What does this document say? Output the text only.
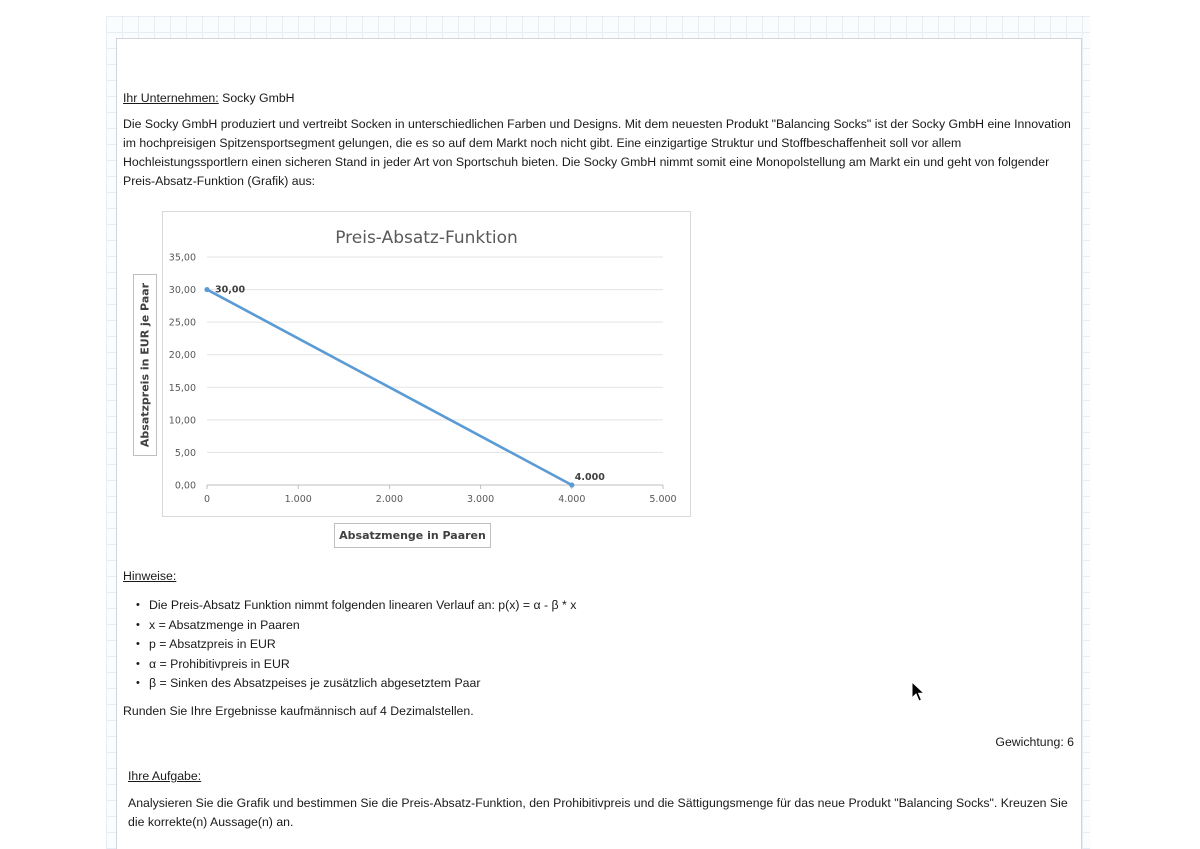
Ihr Unternehmen: Socky GmbH

Die Socky GmbH produziert und vertreibt Socken in unterschiedlichen Farben und Designs. Mit dem neuesten Produkt "Balancing Socks" ist der Socky GmbH eine Innovation im hochpreisigen Spitzensportsegment gelungen, die es so auf dem Markt noch nicht gibt. Eine einzigartige Struktur und Stoffbeschaffenheit soll vor allem Hochleistungssportlern einen sicheren Stand in jeder Art von Sportschuh bieten. Die Socky GmbH nimmt somit eine Monopolstellung am Markt ein und geht von folgender Preis-Absatz-Funktion (Grafik) aus:

Preis-Absatz-Funktion
0,00
5,00
10,00
15,00
20,00
25,00
30,00
35,00
0	1.000	2.000	3.000	4.000	5.000
30,00
4.000
Absatzpreis in EUR je Paar
Absatzmenge in Paaren

Hinweise:

• Die Preis-Absatz Funktion nimmt folgenden linearen Verlauf an: p(x) = α - β * x
• x = Absatzmenge in Paaren
• p = Absatzpreis in EUR
• α = Prohibitivpreis in EUR
• β = Sinken des Absatzpeises je zusätzlich abgesetztem Paar

Runden Sie Ihre Ergebnisse kaufmännisch auf 4 Dezimalstellen.

Gewichtung: 6

Ihre Aufgabe:

Analysieren Sie die Grafik und bestimmen Sie die Preis-Absatz-Funktion, den Prohibitivpreis und die Sättigungsmenge für das neue Produkt "Balancing Socks". Kreuzen Sie die korrekte(n) Aussage(n) an.
